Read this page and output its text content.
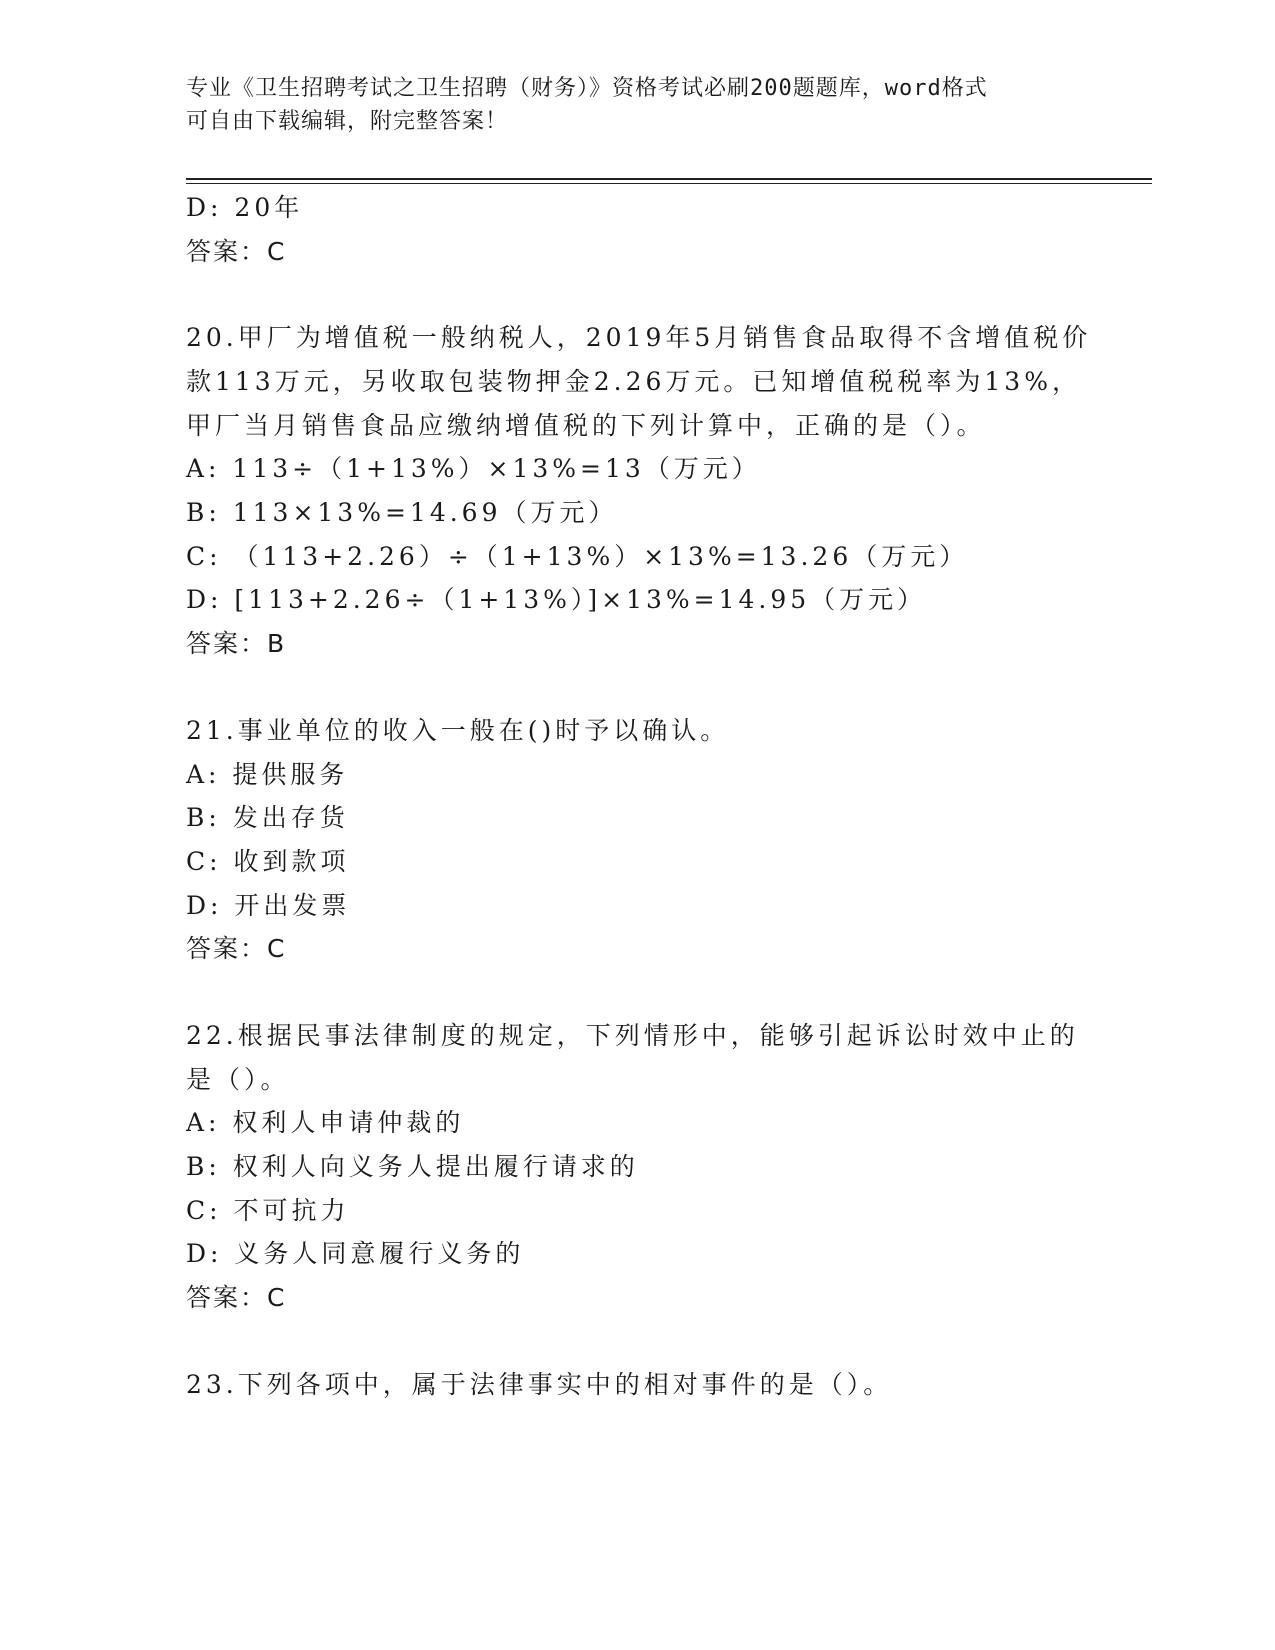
专业《卫生招聘考试之卫生招聘（财务）》资格考试必刷200题题库，word格式
可自由下载编辑，附完整答案！
D: 20年
答案：C
20.甲厂为增值税一般纳税人，2019年5月销售食品取得不含增值税价
款113万元，另收取包装物押金2.26万元。已知增值税税率为13%，
甲厂当月销售食品应缴纳增值税的下列计算中，正确的是（）。
A: 113÷（1+13%）×13%=13（万元）
B: 113×13%=14.69（万元）
C: （113+2.26）÷（1+13%）×13%=13.26（万元）
D: [113+2.26÷（1+13%）]×13%=14.95（万元）
答案：B
21.事业单位的收入一般在()时予以确认。
A: 提供服务
B: 发出存货
C: 收到款项
D: 开出发票
答案：C
22.根据民事法律制度的规定，下列情形中，能够引起诉讼时效中止的
是（）。
A: 权利人申请仲裁的
B: 权利人向义务人提出履行请求的
C: 不可抗力
D: 义务人同意履行义务的
答案：C
23.下列各项中，属于法律事实中的相对事件的是（）。
